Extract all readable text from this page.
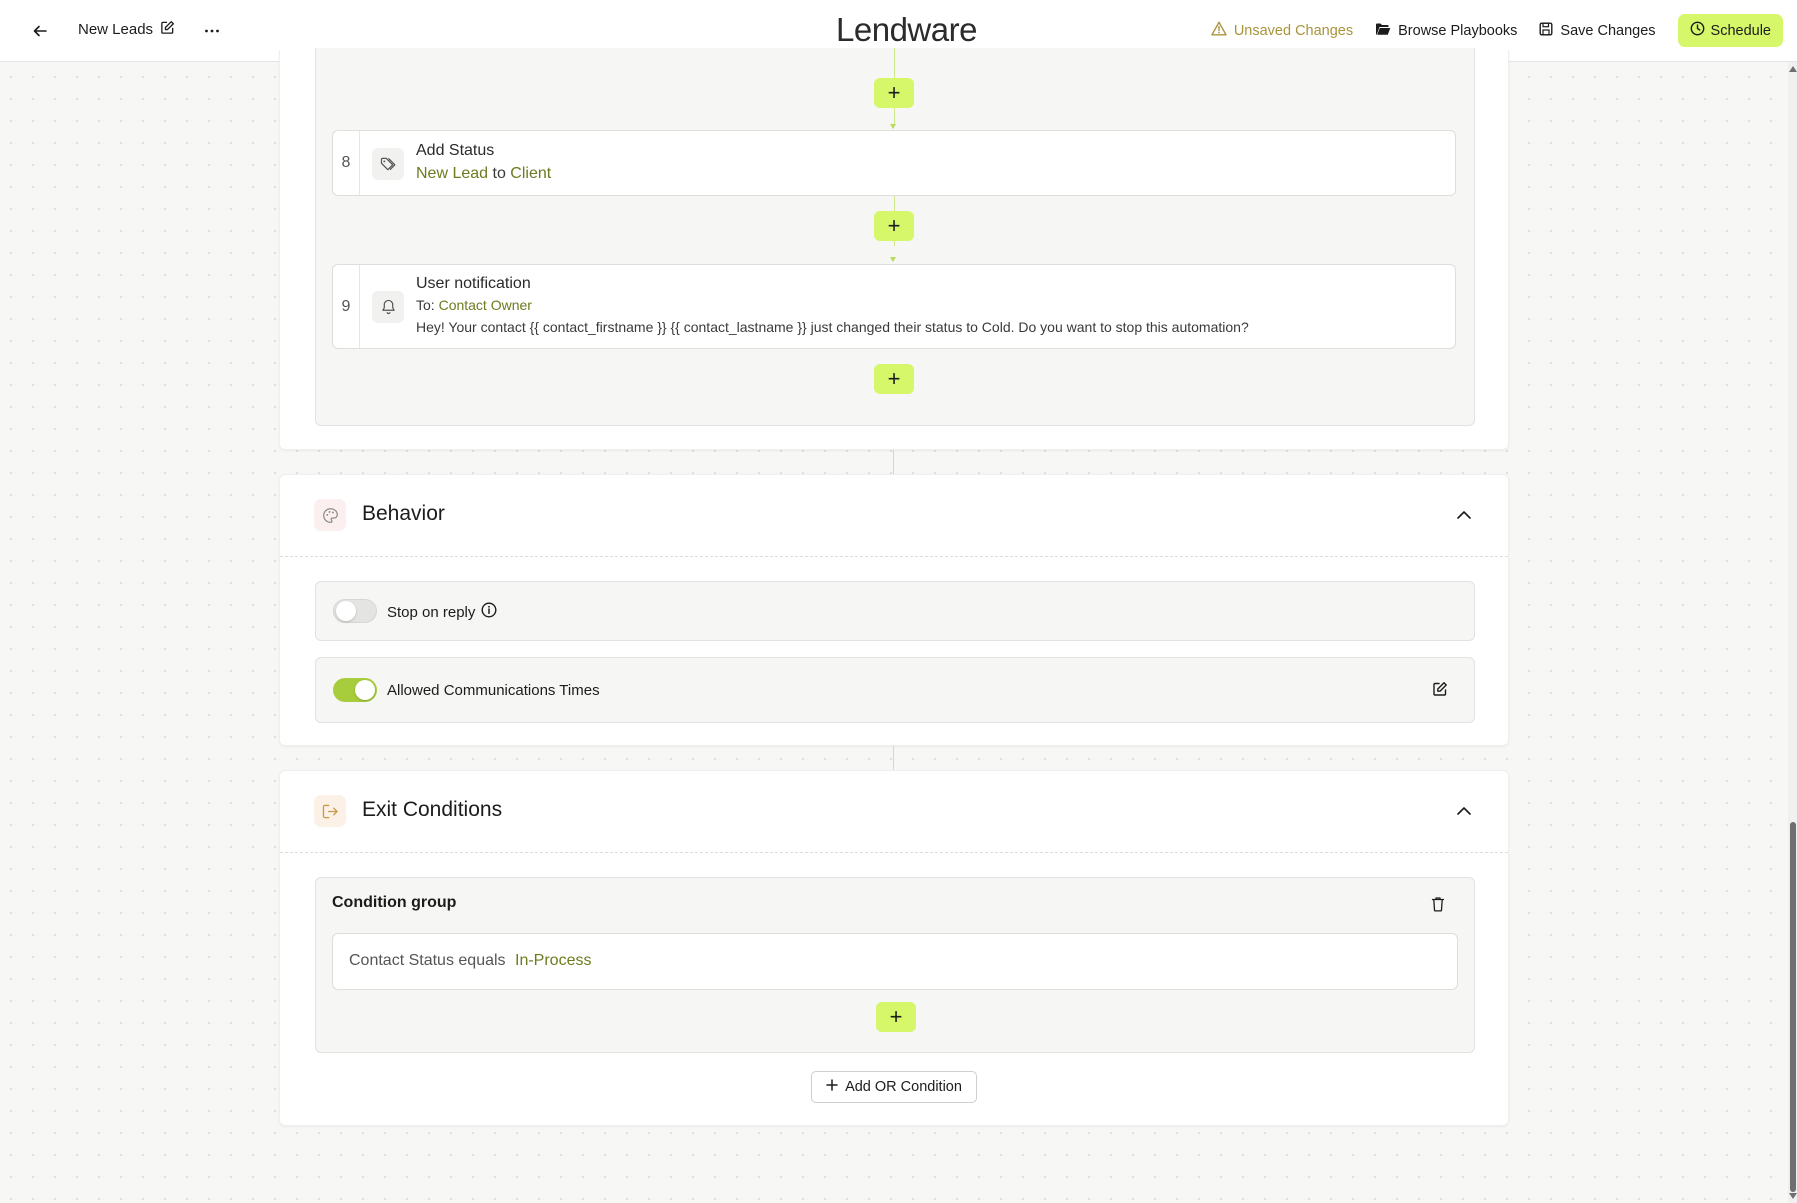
New Leads	Lendware	Unsaved Changes	Browse Playbooks	Save Changes	Schedule
+
8
Add Status
New Lead to Client
+
9
User notification
To: Contact Owner
Hey! Your contact {{ contact_firstname }} {{ contact_lastname }} just changed their status to Cold. Do you want to stop this automation?
+
Behavior
Stop on reply
Allowed Communications Times
Exit Conditions
Condition group
Contact Status equals In-Process
+
Add OR Condition
